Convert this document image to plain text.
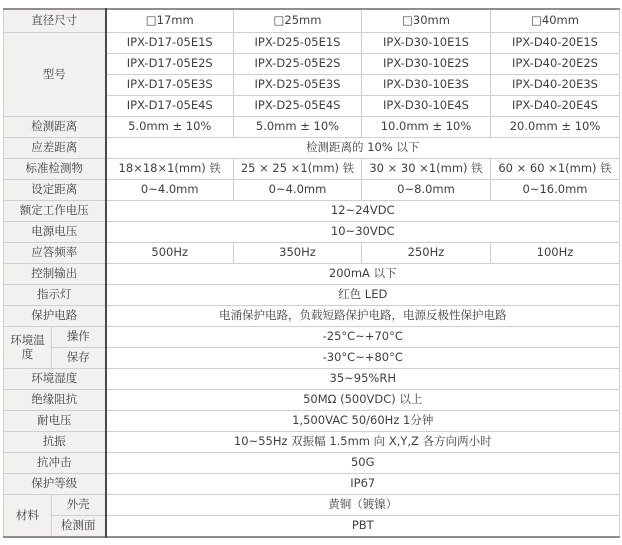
直径尺寸		□17mm	□25mm	□30mm	□40mm
型号		IPX-D17-05E1S	IPX-D25-05E1S	IPX-D30-10E1S	IPX-D40-20E1S
		IPX-D17-05E2S	IPX-D25-05E2S	IPX-D30-10E2S	IPX-D40-20E2S
		IPX-D17-05E3S	IPX-D25-05E3S	IPX-D30-10E3S	IPX-D40-20E3S
		IPX-D17-05E4S	IPX-D25-05E4S	IPX-D30-10E4S	IPX-D40-20E4S
检测距离		5.0mm ± 10%	5.0mm ± 10%	10.0mm ± 10%	20.0mm ± 10%
应差距离		检测距离的 10% 以下			
标准检测物		18×18×1(mm) 铁	25 × 25 ×1(mm) 铁	30 × 30 ×1(mm) 铁	60 × 60 ×1(mm) 铁
设定距离		0~4.0mm	0~4.0mm	0~8.0mm	0~16.0mm
额定工作电压		12~24VDC			
电源电压		10~30VDC			
应答频率		500Hz	350Hz	250Hz	100Hz
控制输出		200mA 以下			
指示灯		红色 LED			
保护电路		电涌保护电路，负载短路保护电路，电源反极性保护电路			
环境温度	操作	-25°C~+70°C			
	保存	-30°C~+80°C			
环境湿度		35~95%RH			
绝缘阻抗		50MΩ (500VDC) 以上			
耐电压		1,500VAC 50/60Hz 1分钟			
抗振		10~55Hz 双振幅 1.5mm 向 X,Y,Z 各方向两小时			
抗冲击		50G			
保护等级		IP67			
材料	外壳	黄铜（镀镍）			
	检测面	PBT			
